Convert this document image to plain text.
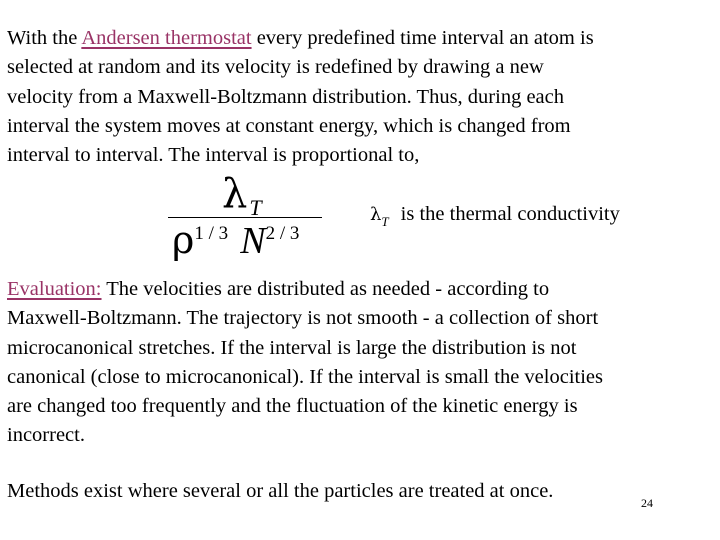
With the Andersen thermostat every predefined time interval an atom is
selected at random and its velocity is redefined by drawing a new
velocity from a Maxwell-Boltzmann distribution. Thus, during each
interval the system moves at constant energy, which is changed from
interval to interval. The interval is proportional to,
$\lambda_T$
$\rho^{1 / 3}$ $N^{2 / 3}$
$\lambda_T$ is the thermal conductivity
Evaluation: The velocities are distributed as needed - according to
Maxwell-Boltzmann. The trajectory is not smooth - a collection of short
microcanonical stretches. If the interval is large the distribution is not
canonical (close to microcanonical). If the interval is small the velocities
are changed too frequently and the fluctuation of the kinetic energy is
incorrect.
Methods exist where several or all the particles are treated at once.
24
